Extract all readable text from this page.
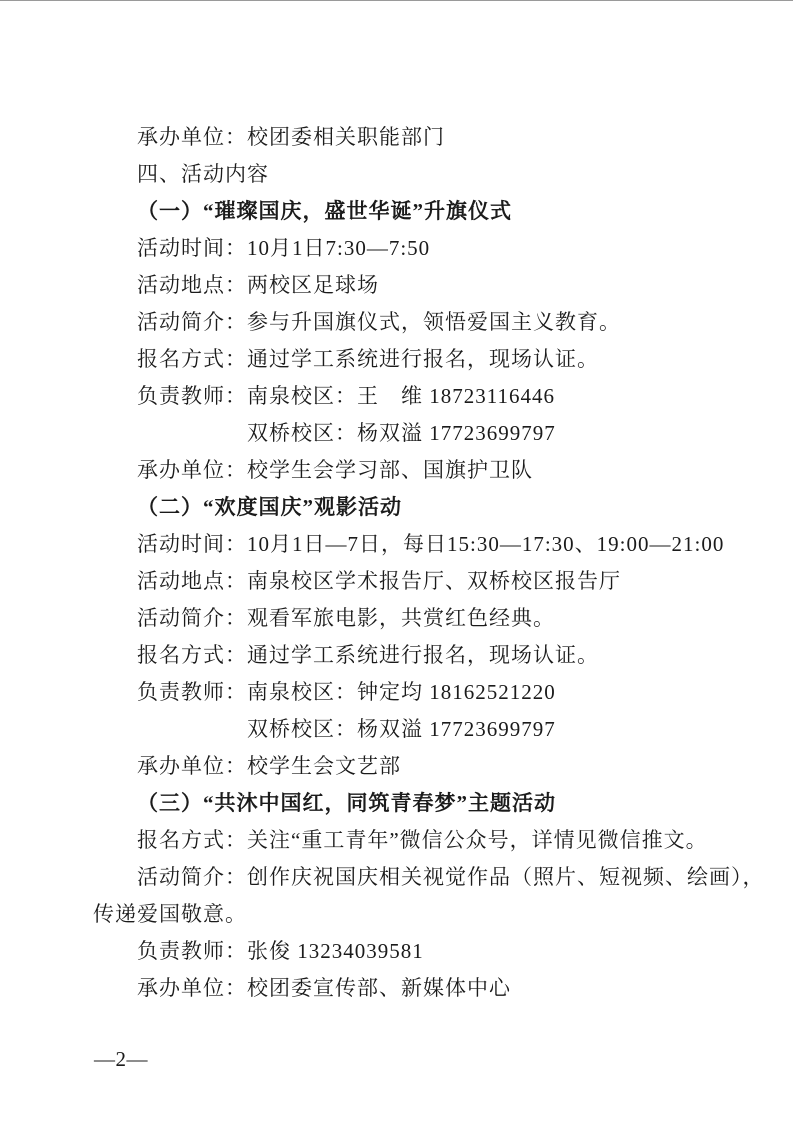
承办单位：校团委相关职能部门
四、活动内容
（一）“璀璨国庆，盛世华诞”升旗仪式
活动时间：10月1日7:30—7:50
活动地点：两校区足球场
活动简介：参与升国旗仪式，领悟爱国主义教育。
报名方式：通过学工系统进行报名，现场认证。
负责教师：南泉校区：王　维 18723116446
双桥校区：杨双溢 17723699797
承办单位：校学生会学习部、国旗护卫队
（二）“欢度国庆”观影活动
活动时间：10月1日—7日，每日15:30—17:30、19:00—21:00
活动地点：南泉校区学术报告厅、双桥校区报告厅
活动简介：观看军旅电影，共赏红色经典。
报名方式：通过学工系统进行报名，现场认证。
负责教师：南泉校区：钟定均 18162521220
双桥校区：杨双溢 17723699797
承办单位：校学生会文艺部
（三）“共沐中国红，同筑青春梦”主题活动
报名方式：关注“重工青年”微信公众号，详情见微信推文。
活动简介：创作庆祝国庆相关视觉作品（照片、短视频、绘画），
传递爱国敬意。
负责教师：张俊 13234039581
承办单位：校团委宣传部、新媒体中心
—2—
